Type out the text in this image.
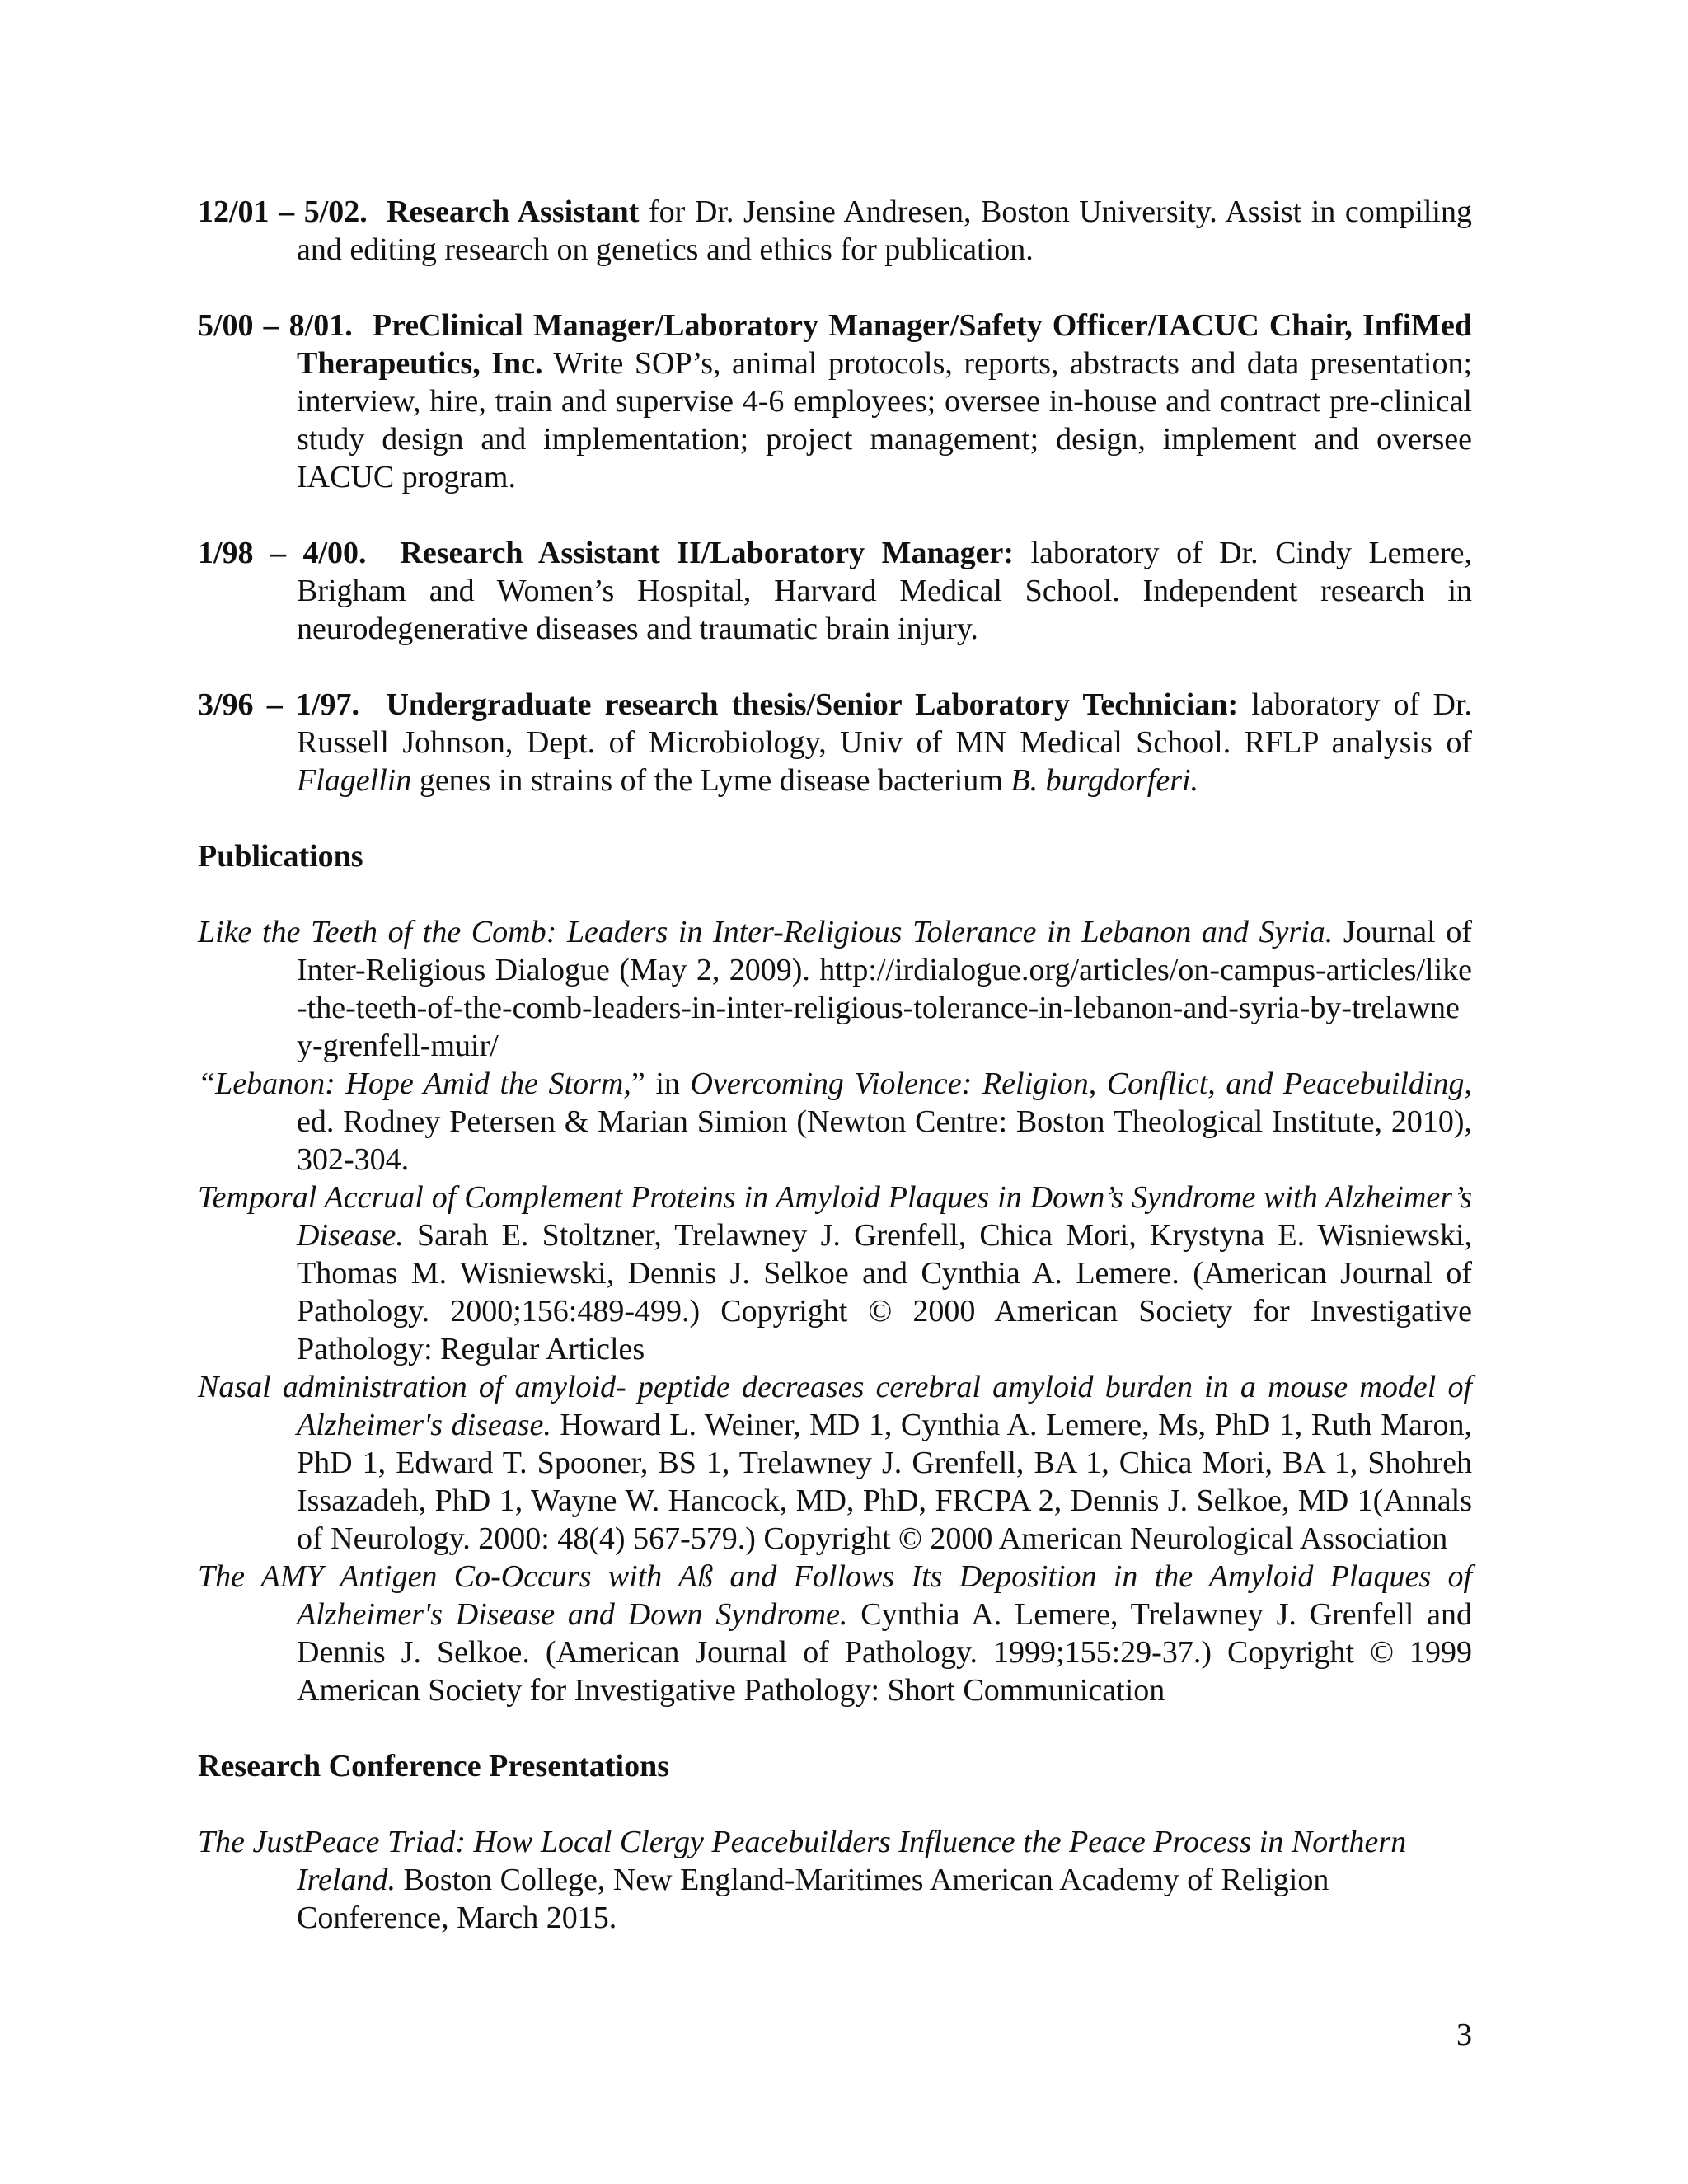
12/01 – 5/02. Research Assistant for Dr. Jensine Andresen, Boston University. Assist in compiling and editing research on genetics and ethics for publication.

5/00 – 8/01. PreClinical Manager/Laboratory Manager/Safety Officer/IACUC Chair, InfiMed Therapeutics, Inc. Write SOP’s, animal protocols, reports, abstracts and data presentation; interview, hire, train and supervise 4-6 employees; oversee in-house and contract pre-clinical study design and implementation; project management; design, implement and oversee IACUC program.

1/98 – 4/00. Research Assistant II/Laboratory Manager: laboratory of Dr. Cindy Lemere, Brigham and Women’s Hospital, Harvard Medical School. Independent research in neurodegenerative diseases and traumatic brain injury.

3/96 – 1/97. Undergraduate research thesis/Senior Laboratory Technician: laboratory of Dr. Russell Johnson, Dept. of Microbiology, Univ of MN Medical School. RFLP analysis of Flagellin genes in strains of the Lyme disease bacterium B. burgdorferi.

Publications

Like the Teeth of the Comb: Leaders in Inter-Religious Tolerance in Lebanon and Syria. Journal of Inter-Religious Dialogue (May 2, 2009). http://irdialogue.org/articles/on-campus-articles/like-the-teeth-of-the-comb-leaders-in-inter-religious-tolerance-in-lebanon-and-syria-by-trelawney-grenfell-muir/

“Lebanon: Hope Amid the Storm,” in Overcoming Violence: Religion, Conflict, and Peacebuilding, ed. Rodney Petersen & Marian Simion (Newton Centre: Boston Theological Institute, 2010), 302-304.

Temporal Accrual of Complement Proteins in Amyloid Plaques in Down’s Syndrome with Alzheimer’s Disease. Sarah E. Stoltzner, Trelawney J. Grenfell, Chica Mori, Krystyna E. Wisniewski, Thomas M. Wisniewski, Dennis J. Selkoe and Cynthia A. Lemere. (American Journal of Pathology. 2000;156:489-499.) Copyright © 2000 American Society for Investigative Pathology: Regular Articles

Nasal administration of amyloid- peptide decreases cerebral amyloid burden in a mouse model of Alzheimer's disease. Howard L. Weiner, MD 1, Cynthia A. Lemere, Ms, PhD 1, Ruth Maron, PhD 1, Edward T. Spooner, BS 1, Trelawney J. Grenfell, BA 1, Chica Mori, BA 1, Shohreh Issazadeh, PhD 1, Wayne W. Hancock, MD, PhD, FRCPA 2, Dennis J. Selkoe, MD 1(Annals of Neurology. 2000: 48(4) 567-579.) Copyright © 2000 American Neurological Association

The AMY Antigen Co-Occurs with Aß and Follows Its Deposition in the Amyloid Plaques of Alzheimer's Disease and Down Syndrome. Cynthia A. Lemere, Trelawney J. Grenfell and Dennis J. Selkoe. (American Journal of Pathology. 1999;155:29-37.) Copyright © 1999 American Society for Investigative Pathology: Short Communication

Research Conference Presentations

The JustPeace Triad: How Local Clergy Peacebuilders Influence the Peace Process in Northern Ireland. Boston College, New England-Maritimes American Academy of Religion Conference, March 2015.

3
